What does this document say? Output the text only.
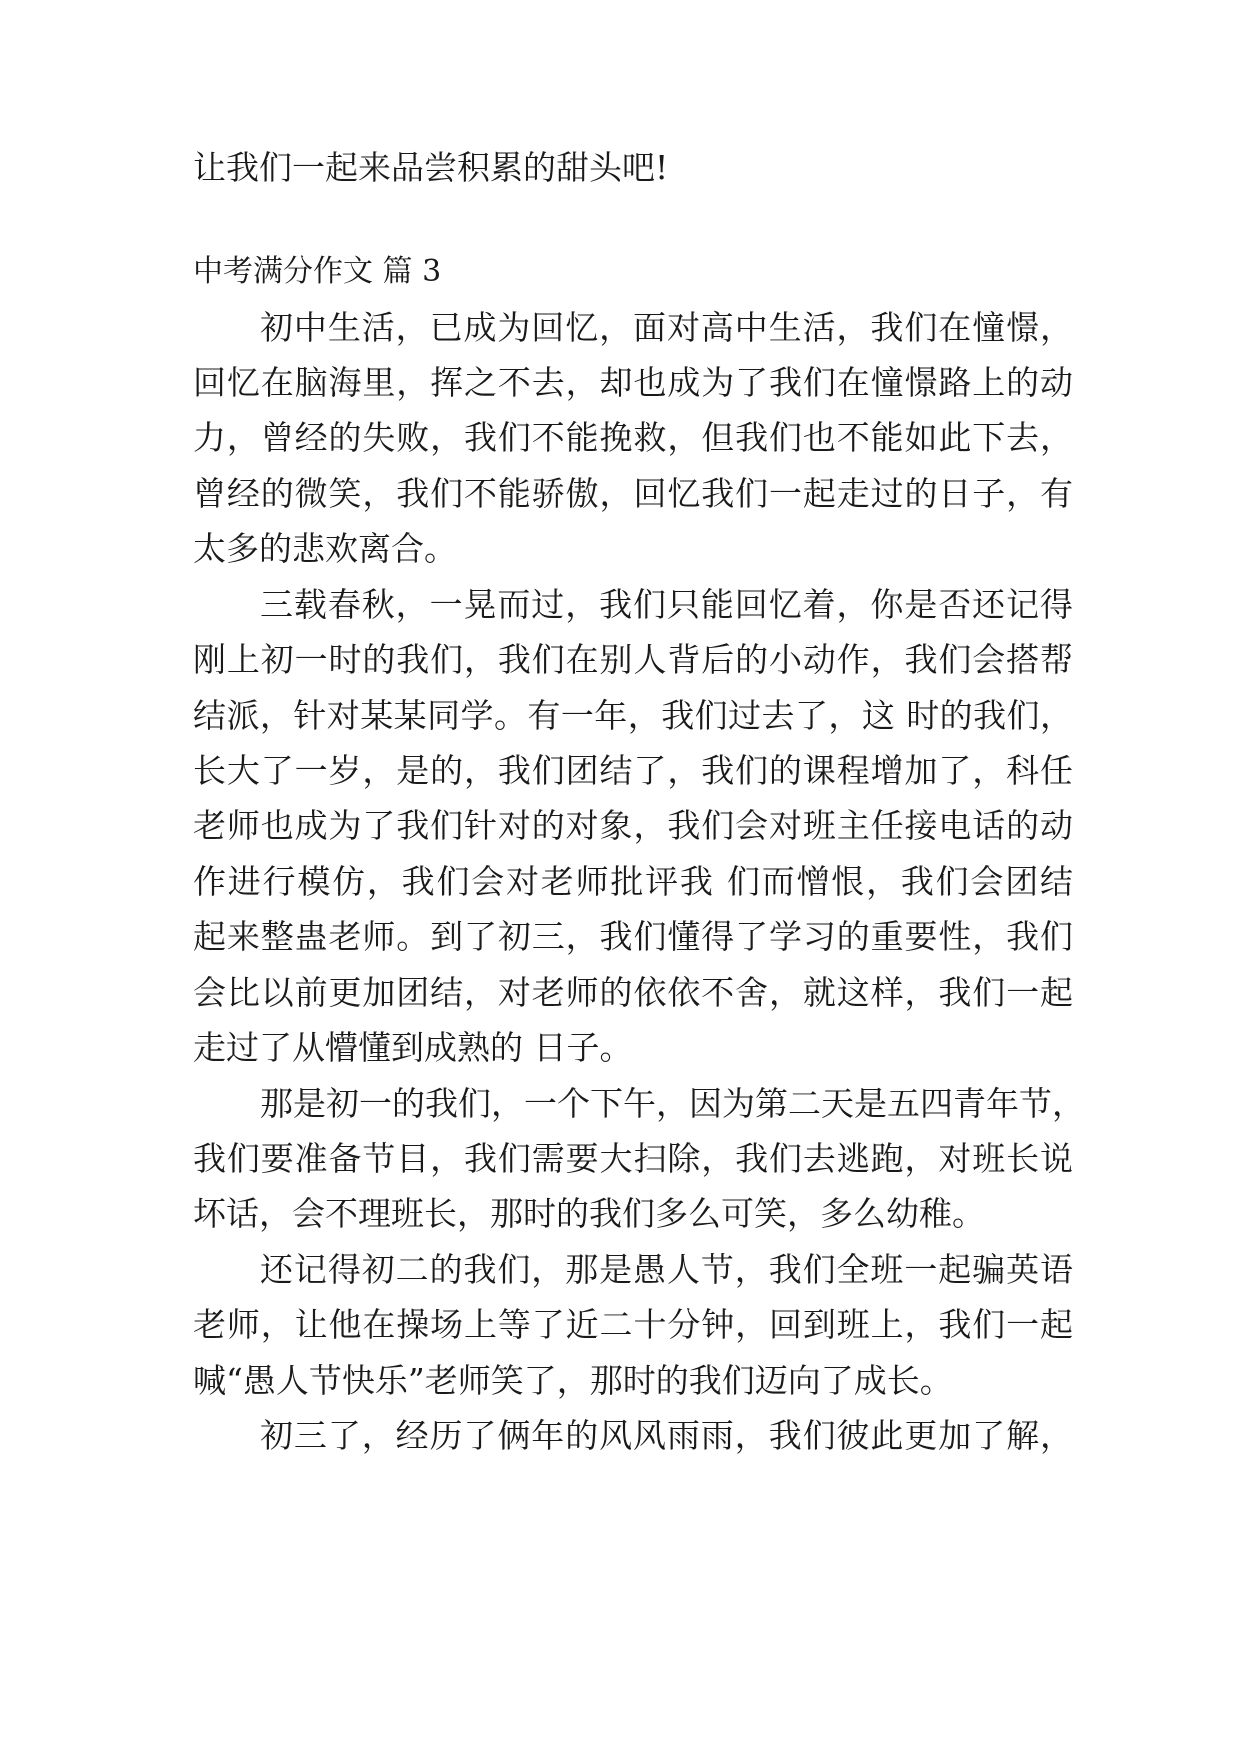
让我们一起来品尝积累的甜头吧!
中考满分作文 篇 3
初中生活，已成为回忆，面对高中生活，我们在憧憬，
回忆在脑海里，挥之不去，却也成为了我们在憧憬路上的动
力，曾经的失败，我们不能挽救，但我们也不能如此下去，
曾经的微笑，我们不能骄傲，回忆我们一起走过的日子，有
太多的悲欢离合。
三载春秋，一晃而过，我们只能回忆着，你是否还记得
刚上初一时的我们，我们在别人背后的小动作，我们会搭帮
结派，针对某某同学。有一年，我们过去了，这 时的我们，
长大了一岁，是的，我们团结了，我们的课程增加了，科任
老师也成为了我们针对的对象，我们会对班主任接电话的动
作进行模仿，我们会对老师批评我 们而憎恨，我们会团结
起来整蛊老师。到了初三，我们懂得了学习的重要性，我们
会比以前更加团结，对老师的依依不舍，就这样，我们一起
走过了从懵懂到成熟的 日子。
那是初一的我们，一个下午，因为第二天是五四青年节，
我们要准备节目，我们需要大扫除，我们去逃跑，对班长说
坏话，会不理班长，那时的我们多么可笑，多么幼稚。
还记得初二的我们，那是愚人节，我们全班一起骗英语
老师，让他在操场上等了近二十分钟，回到班上，我们一起
喊“愚人节快乐”老师笑了，那时的我们迈向了成长。
初三了，经历了俩年的风风雨雨，我们彼此更加了解，
